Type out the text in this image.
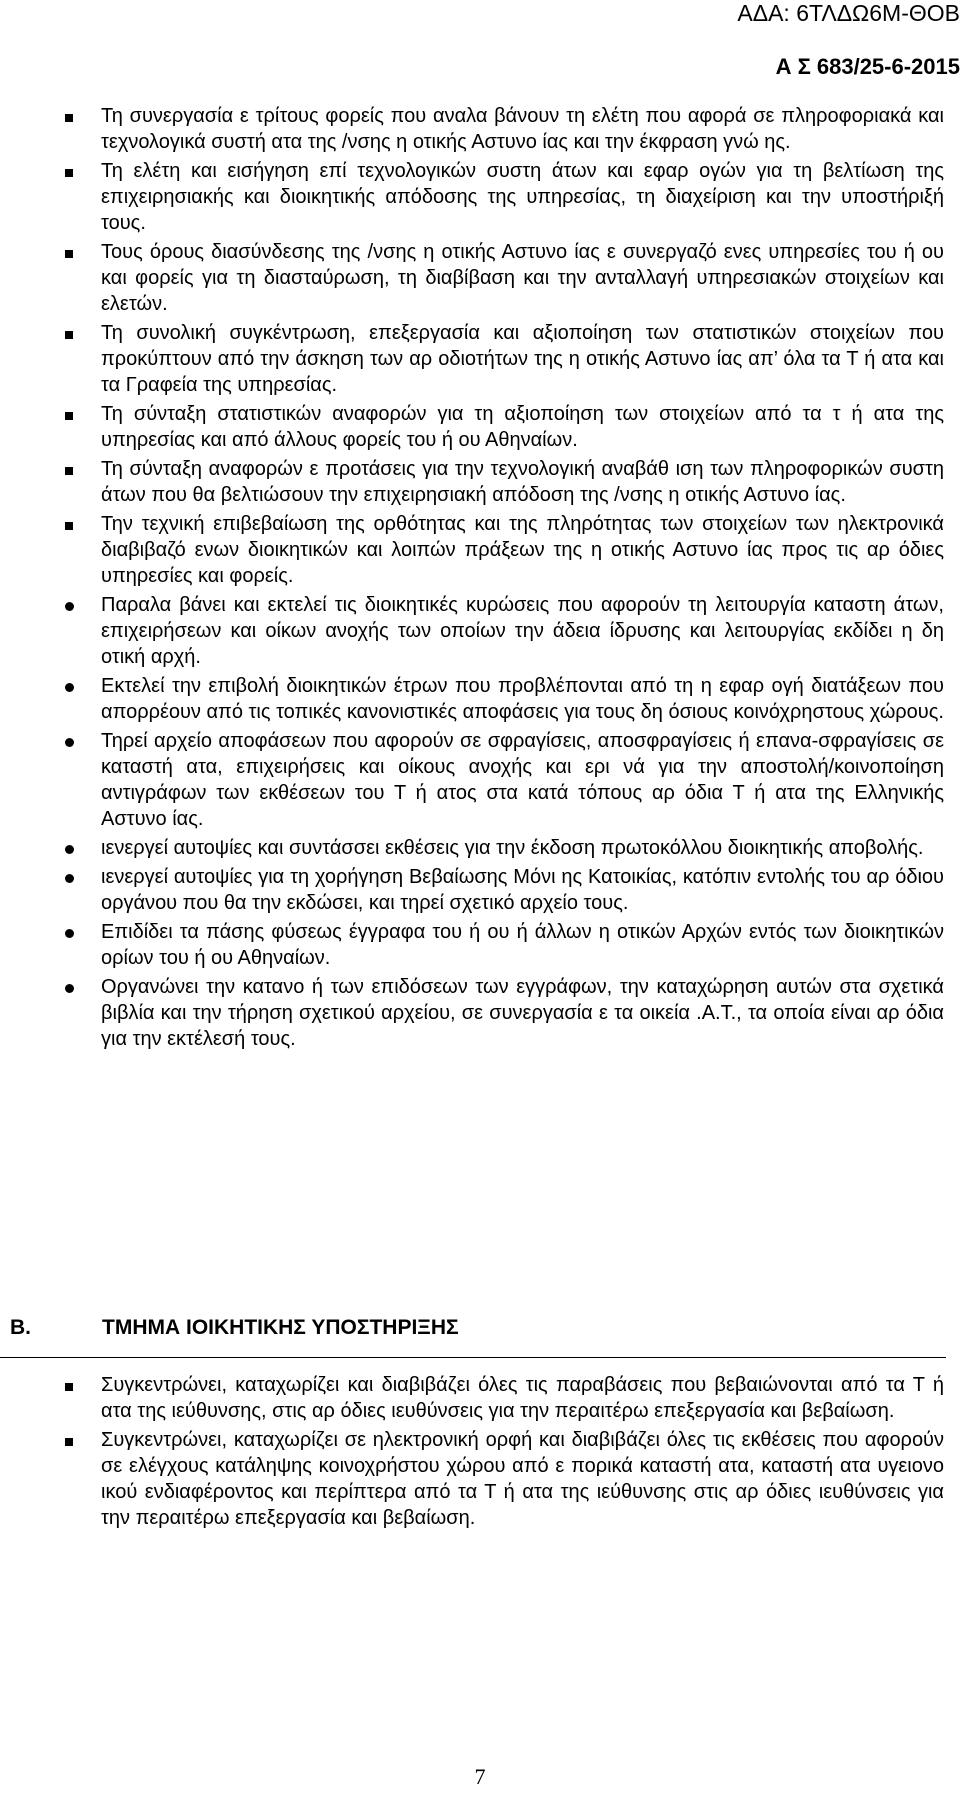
ΑΔΑ: 6ΤΛΔΩ6Μ-ΘΟΒ
Α Σ 683/25-6-2015
Τη συνεργασία ε τρίτους φορείς που αναλα βάνουν τη ελέτη που αφορά σε πληροφοριακά και τεχνολογικά συστή ατα της /νσης η οτικής Αστυνο ίας και την έκφραση γνώ ης.
Τη ελέτη και εισήγηση επί τεχνολογικών συστη άτων και εφαρ ογών για τη βελτίωση της επιχειρησιακής και διοικητικής απόδοσης της υπηρεσίας, τη διαχείριση και την υποστήριξή τους.
Τους όρους διασύνδεσης της /νσης η οτικής Αστυνο ίας ε συνεργαζό ενες υπηρεσίες του ή ου και φορείς για τη διασταύρωση, τη διαβίβαση και την ανταλλαγή υπηρεσιακών στοιχείων και ελετών.
Τη συνολική συγκέντρωση, επεξεργασία και αξιοποίηση των στατιστικών στοιχείων που προκύπτουν από την άσκηση των αρ οδιοτήτων της η οτικής Αστυνο ίας απ’ όλα τα Τ ή ατα και τα Γραφεία της υπηρεσίας.
Τη σύνταξη στατιστικών αναφορών για τη αξιοποίηση των στοιχείων από τα τ ή ατα της υπηρεσίας και από άλλους φορείς του ή ου Αθηναίων.
Τη σύνταξη αναφορών ε προτάσεις για την τεχνολογική αναβάθ ιση των πληροφορικών συστη άτων που θα βελτιώσουν την επιχειρησιακή απόδοση της /νσης η οτικής Αστυνο ίας.
Την τεχνική επιβεβαίωση της ορθότητας και της πληρότητας των στοιχείων των ηλεκτρονικά διαβιβαζό ενων διοικητικών και λοιπών πράξεων της η οτικής Αστυνο ίας προς τις αρ όδιες υπηρεσίες και φορείς.
Παραλα βάνει και εκτελεί τις διοικητικές κυρώσεις που αφορούν τη λειτουργία καταστη άτων, επιχειρήσεων και οίκων ανοχής των οποίων την άδεια ίδρυσης και λειτουργίας εκδίδει η δη οτική αρχή.
Εκτελεί την επιβολή διοικητικών έτρων που προβλέπονται από τη η εφαρ ογή διατάξεων που απορρέουν από τις τοπικές κανονιστικές αποφάσεις για τους δη όσιους κοινόχρηστους χώρους.
Τηρεί αρχείο αποφάσεων που αφορούν σε σφραγίσεις, αποσφραγίσεις ή επανα-σφραγίσεις σε καταστή ατα, επιχειρήσεις και οίκους ανοχής και ερι νά για την αποστολή/κοινοποίηση αντιγράφων των εκθέσεων του Τ ή ατος στα κατά τόπους αρ όδια Τ ή ατα της Ελληνικής Αστυνο ίας.
ιενεργεί αυτοψίες και συντάσσει εκθέσεις για την έκδοση πρωτοκόλλου διοικητικής αποβολής.
ιενεργεί αυτοψίες για τη χορήγηση Βεβαίωσης Μόνι ης Κατοικίας, κατόπιν εντολής του αρ όδιου οργάνου που θα την εκδώσει, και τηρεί σχετικό αρχείο τους.
Επιδίδει τα πάσης φύσεως έγγραφα του ή ου ή άλλων η οτικών Αρχών εντός των διοικητικών ορίων του ή ου Αθηναίων.
Οργανώνει την κατανο ή των επιδόσεων των εγγράφων, την καταχώρηση αυτών στα σχετικά βιβλία και την τήρηση σχετικού αρχείου, σε συνεργασία ε τα οικεία .Α.Τ., τα οποία είναι αρ όδια για την εκτέλεσή τους.
Β.	ΤΜΗΜΑ ΙΟΙΚΗΤΙΚΗΣ ΥΠΟΣΤΗΡΙΞΗΣ
Συγκεντρώνει, καταχωρίζει και διαβιβάζει όλες τις παραβάσεις που βεβαιώνονται από τα Τ ή ατα της ιεύθυνσης, στις αρ όδιες ιευθύνσεις για την περαιτέρω επεξεργασία και βεβαίωση.
Συγκεντρώνει, καταχωρίζει σε ηλεκτρονική ορφή και διαβιβάζει όλες τις εκθέσεις που αφορούν σε ελέγχους κατάληψης κοινοχρήστου χώρου από ε πορικά καταστή ατα, καταστή ατα υγειονο ικού ενδιαφέροντος και περίπτερα από τα Τ ή ατα της ιεύθυνσης στις αρ όδιες ιευθύνσεις για την περαιτέρω επεξεργασία και βεβαίωση.
7
